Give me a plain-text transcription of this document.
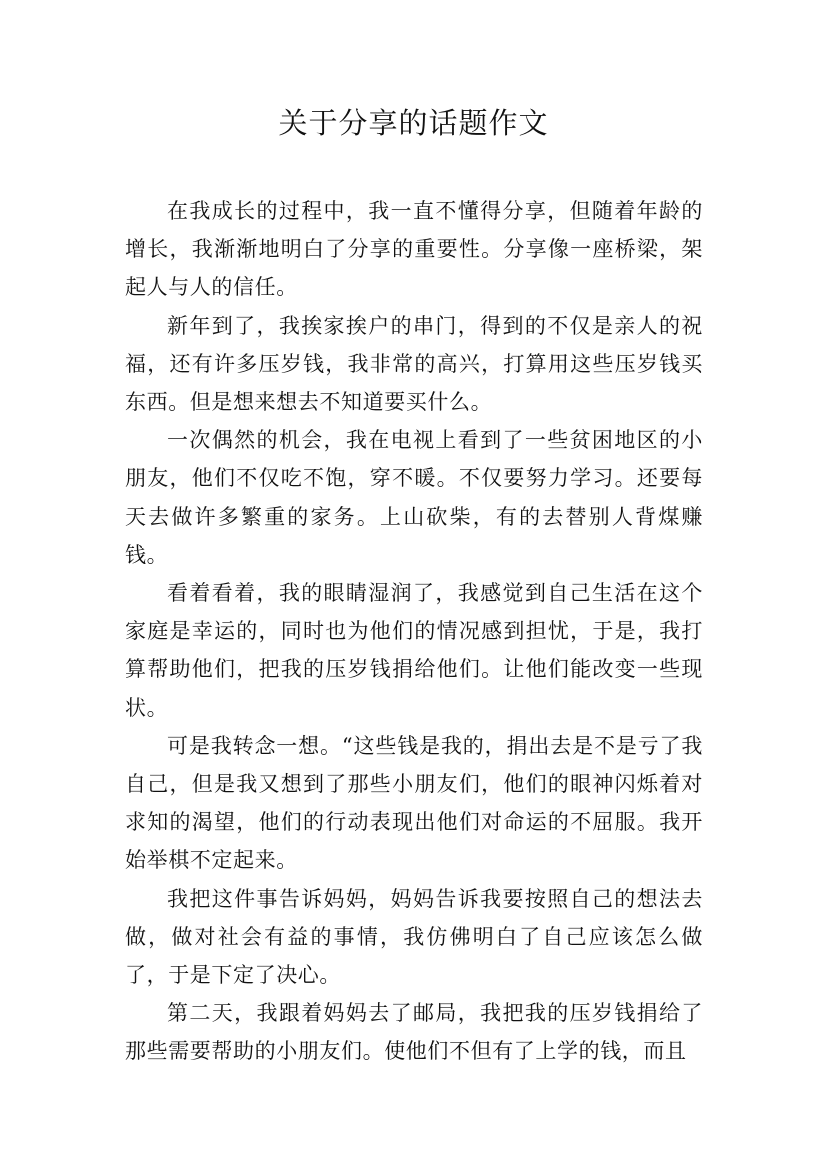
关于分享的话题作文

在我成长的过程中，我一直不懂得分享，但随着年龄的增长，我渐渐地明白了分享的重要性。分享像一座桥梁，架起人与人的信任。

新年到了，我挨家挨户的串门，得到的不仅是亲人的祝福，还有许多压岁钱，我非常的高兴，打算用这些压岁钱买东西。但是想来想去不知道要买什么。

一次偶然的机会，我在电视上看到了一些贫困地区的小朋友，他们不仅吃不饱，穿不暖。不仅要努力学习。还要每天去做许多繁重的家务。上山砍柴，有的去替别人背煤赚钱。

看着看着，我的眼睛湿润了，我感觉到自己生活在这个家庭是幸运的，同时也为他们的情况感到担忧，于是，我打算帮助他们，把我的压岁钱捐给他们。让他们能改变一些现状。

可是我转念一想。“这些钱是我的，捐出去是不是亏了我自己，但是我又想到了那些小朋友们，他们的眼神闪烁着对求知的渴望，他们的行动表现出他们对命运的不屈服。我开始举棋不定起来。

我把这件事告诉妈妈，妈妈告诉我要按照自己的想法去做，做对社会有益的事情，我仿佛明白了自己应该怎么做了，于是下定了决心。

第二天，我跟着妈妈去了邮局，我把我的压岁钱捐给了那些需要帮助的小朋友们。使他们不但有了上学的钱，而且
